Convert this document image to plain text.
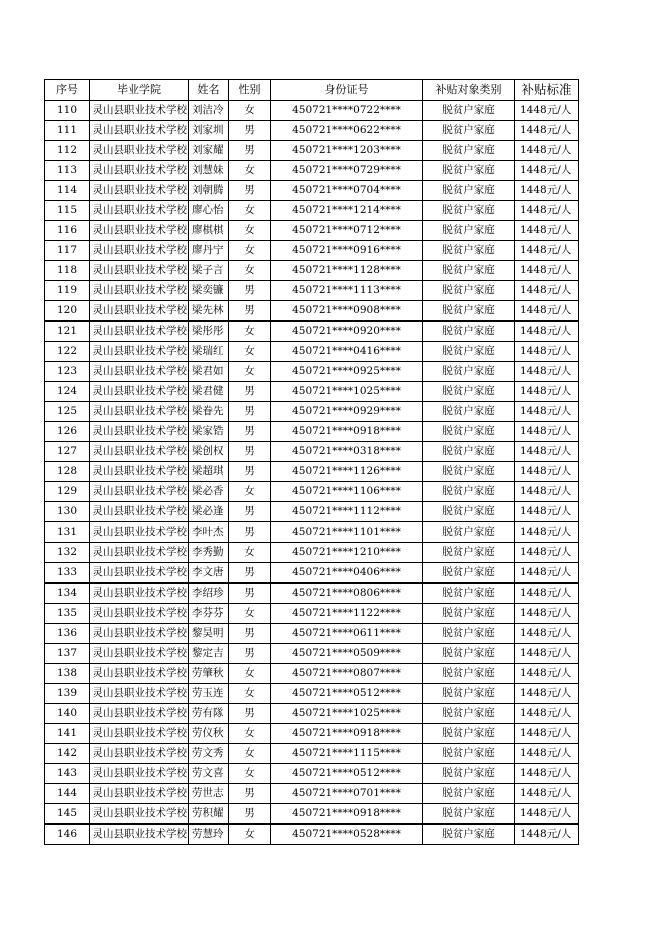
序号	毕业学院	姓名	性别	身份证号	补贴对象类别	补贴标准
110	灵山县职业技术学校	刘洁冷	女	450721****0722****	脱贫户家庭	1448元/人
111	灵山县职业技术学校	刘家圳	男	450721****0622****	脱贫户家庭	1448元/人
112	灵山县职业技术学校	刘家耀	男	450721****1203****	脱贫户家庭	1448元/人
113	灵山县职业技术学校	刘慧妹	女	450721****0729****	脱贫户家庭	1448元/人
114	灵山县职业技术学校	刘朝腾	男	450721****0704****	脱贫户家庭	1448元/人
115	灵山县职业技术学校	廖心怡	女	450721****1214****	脱贫户家庭	1448元/人
116	灵山县职业技术学校	廖棋棋	女	450721****0712****	脱贫户家庭	1448元/人
117	灵山县职业技术学校	廖丹宁	女	450721****0916****	脱贫户家庭	1448元/人
118	灵山县职业技术学校	梁子言	女	450721****1128****	脱贫户家庭	1448元/人
119	灵山县职业技术学校	梁奕镰	男	450721****1113****	脱贫户家庭	1448元/人
120	灵山县职业技术学校	梁先林	男	450721****0908****	脱贫户家庭	1448元/人
121	灵山县职业技术学校	梁彤彤	女	450721****0920****	脱贫户家庭	1448元/人
122	灵山县职业技术学校	梁瑞红	女	450721****0416****	脱贫户家庭	1448元/人
123	灵山县职业技术学校	梁君如	女	450721****0925****	脱贫户家庭	1448元/人
124	灵山县职业技术学校	梁君健	男	450721****1025****	脱贫户家庭	1448元/人
125	灵山县职业技术学校	梁眷先	男	450721****0929****	脱贫户家庭	1448元/人
126	灵山县职业技术学校	梁家锆	男	450721****0918****	脱贫户家庭	1448元/人
127	灵山县职业技术学校	梁创权	男	450721****0318****	脱贫户家庭	1448元/人
128	灵山县职业技术学校	梁超琪	男	450721****1126****	脱贫户家庭	1448元/人
129	灵山县职业技术学校	梁必香	女	450721****1106****	脱贫户家庭	1448元/人
130	灵山县职业技术学校	梁必逢	男	450721****1112****	脱贫户家庭	1448元/人
131	灵山县职业技术学校	李叶杰	男	450721****1101****	脱贫户家庭	1448元/人
132	灵山县职业技术学校	李秀勤	女	450721****1210****	脱贫户家庭	1448元/人
133	灵山县职业技术学校	李文唐	男	450721****0406****	脱贫户家庭	1448元/人
134	灵山县职业技术学校	李绍珍	男	450721****0806****	脱贫户家庭	1448元/人
135	灵山县职业技术学校	李芬芬	女	450721****1122****	脱贫户家庭	1448元/人
136	灵山县职业技术学校	黎昊明	男	450721****0611****	脱贫户家庭	1448元/人
137	灵山县职业技术学校	黎定吉	男	450721****0509****	脱贫户家庭	1448元/人
138	灵山县职业技术学校	劳肇秋	女	450721****0807****	脱贫户家庭	1448元/人
139	灵山县职业技术学校	劳玉连	女	450721****0512****	脱贫户家庭	1448元/人
140	灵山县职业技术学校	劳有隊	男	450721****1025****	脱贫户家庭	1448元/人
141	灵山县职业技术学校	劳仪秋	女	450721****0918****	脱贫户家庭	1448元/人
142	灵山县职业技术学校	劳文秀	女	450721****1115****	脱贫户家庭	1448元/人
143	灵山县职业技术学校	劳文喜	女	450721****0512****	脱贫户家庭	1448元/人
144	灵山县职业技术学校	劳世志	男	450721****0701****	脱贫户家庭	1448元/人
145	灵山县职业技术学校	劳积耀	男	450721****0918****	脱贫户家庭	1448元/人
146	灵山县职业技术学校	劳慧玲	女	450721****0528****	脱贫户家庭	1448元/人
